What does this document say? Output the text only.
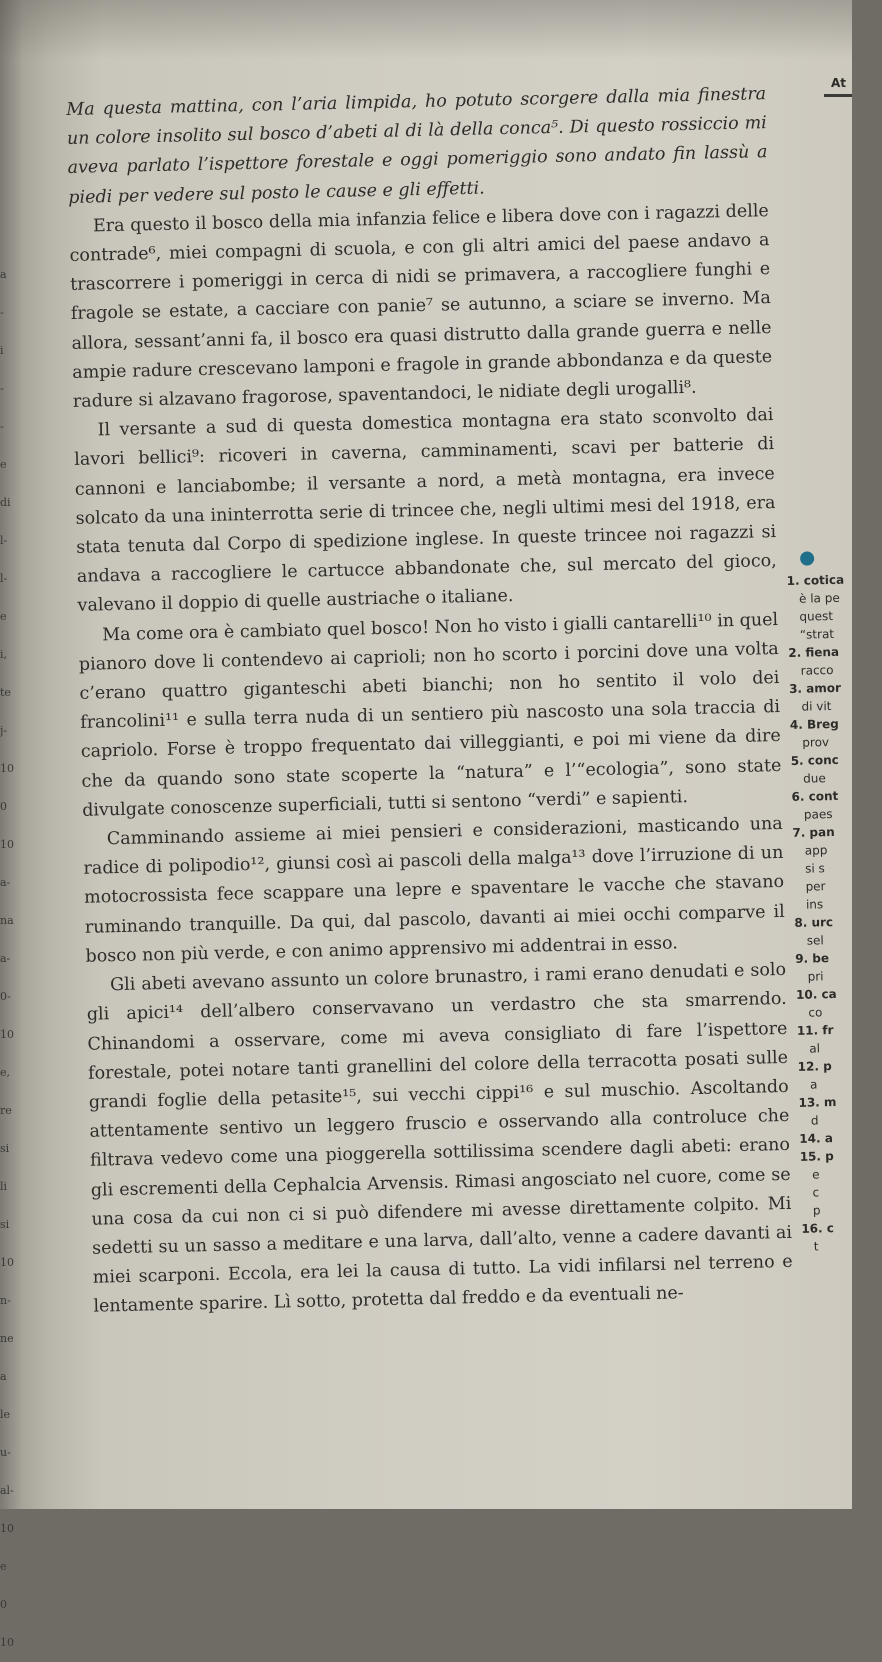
At
a
-
i
-
-
e
di
l-
l-
e
i,
te
j-
10
0
10
a-
na
a-
0-
10
e,
re
si
li
si
10
n-
ne
a
le
u-
al-
10
e
0
10

Ma questa mattina, con l’aria limpida, ho potuto scorgere dalla mia finestra un colore insolito sul bosco d’abeti al di là della conca⁵. Di questo rossiccio mi aveva parlato l’ispettore forestale e oggi pomeriggio sono andato fin lassù a piedi per vedere sul posto le cause e gli effetti.

Era questo il bosco della mia infanzia felice e libera dove con i ragazzi delle contrade⁶, miei compagni di scuola, e con gli altri amici del paese andavo a trascorrere i pomeriggi in cerca di nidi se primavera, a raccogliere funghi e fragole se estate, a cacciare con panie⁷ se autunno, a sciare se inverno. Ma allora, sessant’anni fa, il bosco era quasi distrutto dalla grande guerra e nelle ampie radure crescevano lamponi e fragole in grande abbondanza e da queste radure si alzavano fragorose, spaventandoci, le nidiate degli urogalli⁸.

Il versante a sud di questa domestica montagna era stato sconvolto dai lavori bellici⁹: ricoveri in caverna, camminamenti, scavi per batterie di cannoni e lanciabombe; il versante a nord, a metà montagna, era invece solcato da una ininterrotta serie di trincee che, negli ultimi mesi del 1918, era stata tenuta dal Corpo di spedizione inglese. In queste trincee noi ragazzi si andava a raccogliere le cartucce abbandonate che, sul mercato del gioco, valevano il doppio di quelle austriache o italiane.

Ma come ora è cambiato quel bosco! Non ho visto i gialli cantarelli¹⁰ in quel pianoro dove li contendevo ai caprioli; non ho scorto i porcini dove una volta c’erano quattro giganteschi abeti bianchi; non ho sentito il volo dei francolini¹¹ e sulla terra nuda di un sentiero più nascosto una sola traccia di capriolo. Forse è troppo frequentato dai villeggianti, e poi mi viene da dire che da quando sono state scoperte la “natura” e l’“ecologia”, sono state divulgate conoscenze superficiali, tutti si sentono “verdi” e sapienti.

Camminando assieme ai miei pensieri e considerazioni, masticando una radice di polipodio¹², giunsi così ai pascoli della malga¹³ dove l’irruzione di un motocrossista fece scappare una lepre e spaventare le vacche che stavano ruminando tranquille. Da qui, dal pascolo, davanti ai miei occhi comparve il bosco non più verde, e con animo apprensivo mi addentrai in esso.

Gli abeti avevano assunto un colore brunastro, i rami erano denudati e solo gli apici¹⁴ dell’albero conservavano un verdastro che sta smarrendo. Chinandomi a osservare, come mi aveva consigliato di fare l’ispettore forestale, potei notare tanti granellini del colore della terracotta posati sulle grandi foglie della petasite¹⁵, sui vecchi cippi¹⁶ e sul muschio. Ascoltando attentamente sentivo un leggero fruscio e osservando alla controluce che filtrava vedevo come una pioggerella sottilissima scendere dagli abeti: erano gli escrementi della Cephalcia Arvensis. Rimasi angosciato nel cuore, come se una cosa da cui non ci si può difendere mi avesse direttamente colpito. Mi sedetti su un sasso a meditare e una larva, dall’alto, venne a cadere davanti ai miei scarponi. Eccola, era lei la causa di tutto. La vidi infilarsi nel terreno e lentamente sparire. Lì sotto, protetta dal freddo e da eventuali ne-

1. cotica
è la pe
quest
“strat
2. fiena
racco
3. amor
di vit
4. Breg
prov
5. conc
due
6. cont
paes
7. pan
app
si s
per
ins
8. urc
sel
9. be
pri
10. ca
co
11. fr
al
12. p
a
13. m
d
14. a
15. p
e
c
p
16. c
t
